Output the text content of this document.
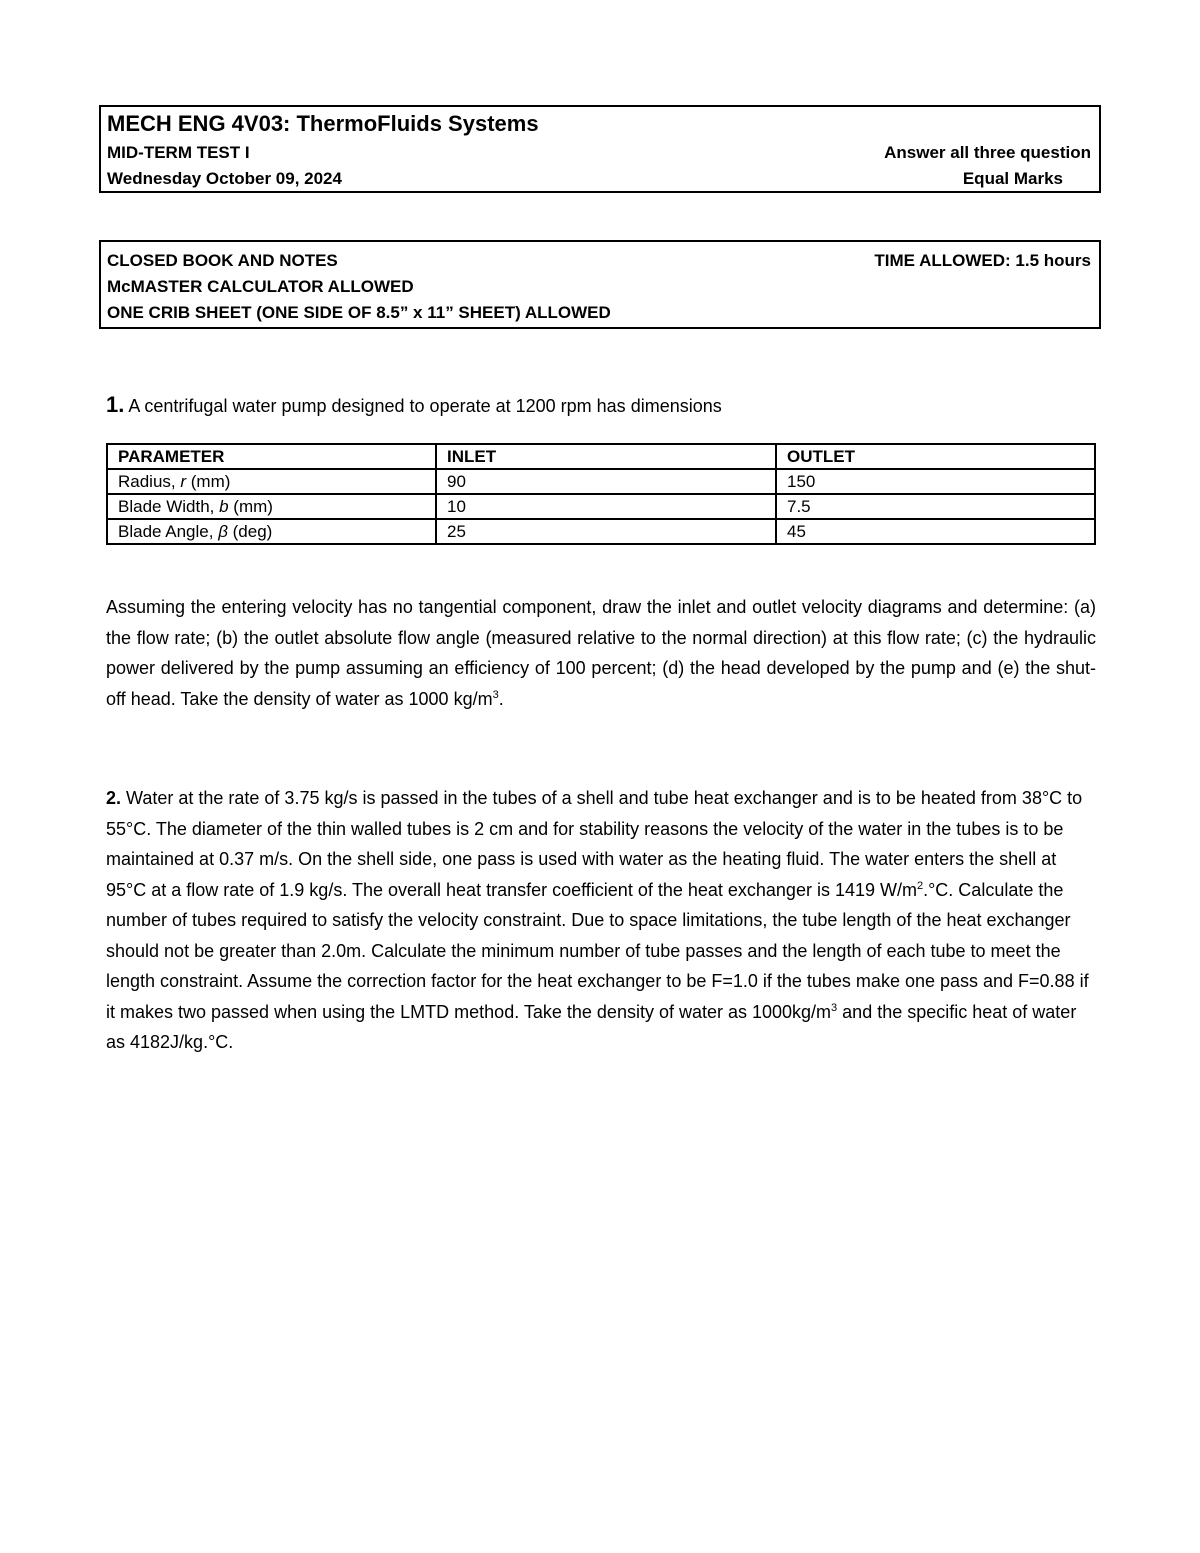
MECH ENG 4V03: ThermoFluids Systems
MID-TERM TEST I	Answer all three question
Wednesday October 09, 2024	Equal Marks
CLOSED BOOK AND NOTES	TIME ALLOWED: 1.5 hours
McMASTER CALCULATOR ALLOWED
ONE CRIB SHEET (ONE SIDE OF 8.5” x 11” SHEET) ALLOWED
1. A centrifugal water pump designed to operate at 1200 rpm has dimensions
PARAMETER	INLET	OUTLET
Radius, r (mm)	90	150
Blade Width, b (mm)	10	7.5
Blade Angle, β (deg)	25	45
Assuming the entering velocity has no tangential component, draw the inlet and outlet velocity diagrams and determine: (a) the flow rate; (b) the outlet absolute flow angle (measured relative to the normal direction) at this flow rate; (c) the hydraulic power delivered by the pump assuming an efficiency of 100 percent; (d) the head developed by the pump and (e) the shut-off head. Take the density of water as 1000 $kg/m^3$.
2. Water at the rate of 3.75 kg/s is passed in the tubes of a shell and tube heat exchanger and is to be heated from 38°C to 55°C. The diameter of the thin walled tubes is 2 cm and for stability reasons the velocity of the water in the tubes is to be maintained at 0.37 m/s. On the shell side, one pass is used with water as the heating fluid. The water enters the shell at 95°C at a flow rate of 1.9 kg/s. The overall heat transfer coefficient of the heat exchanger is 1419 $W/m^2.^\circ C$. Calculate the number of tubes required to satisfy the velocity constraint. Due to space limitations, the tube length of the heat exchanger should not be greater than 2.0m. Calculate the minimum number of tube passes and the length of each tube to meet the length constraint. Assume the correction factor for the heat exchanger to be F=1.0 if the tubes make one pass and F=0.88 if it makes two passed when using the LMTD method. Take the density of water as $1000kg/m^3$ and the specific heat of water as 4182J/kg.°C.
